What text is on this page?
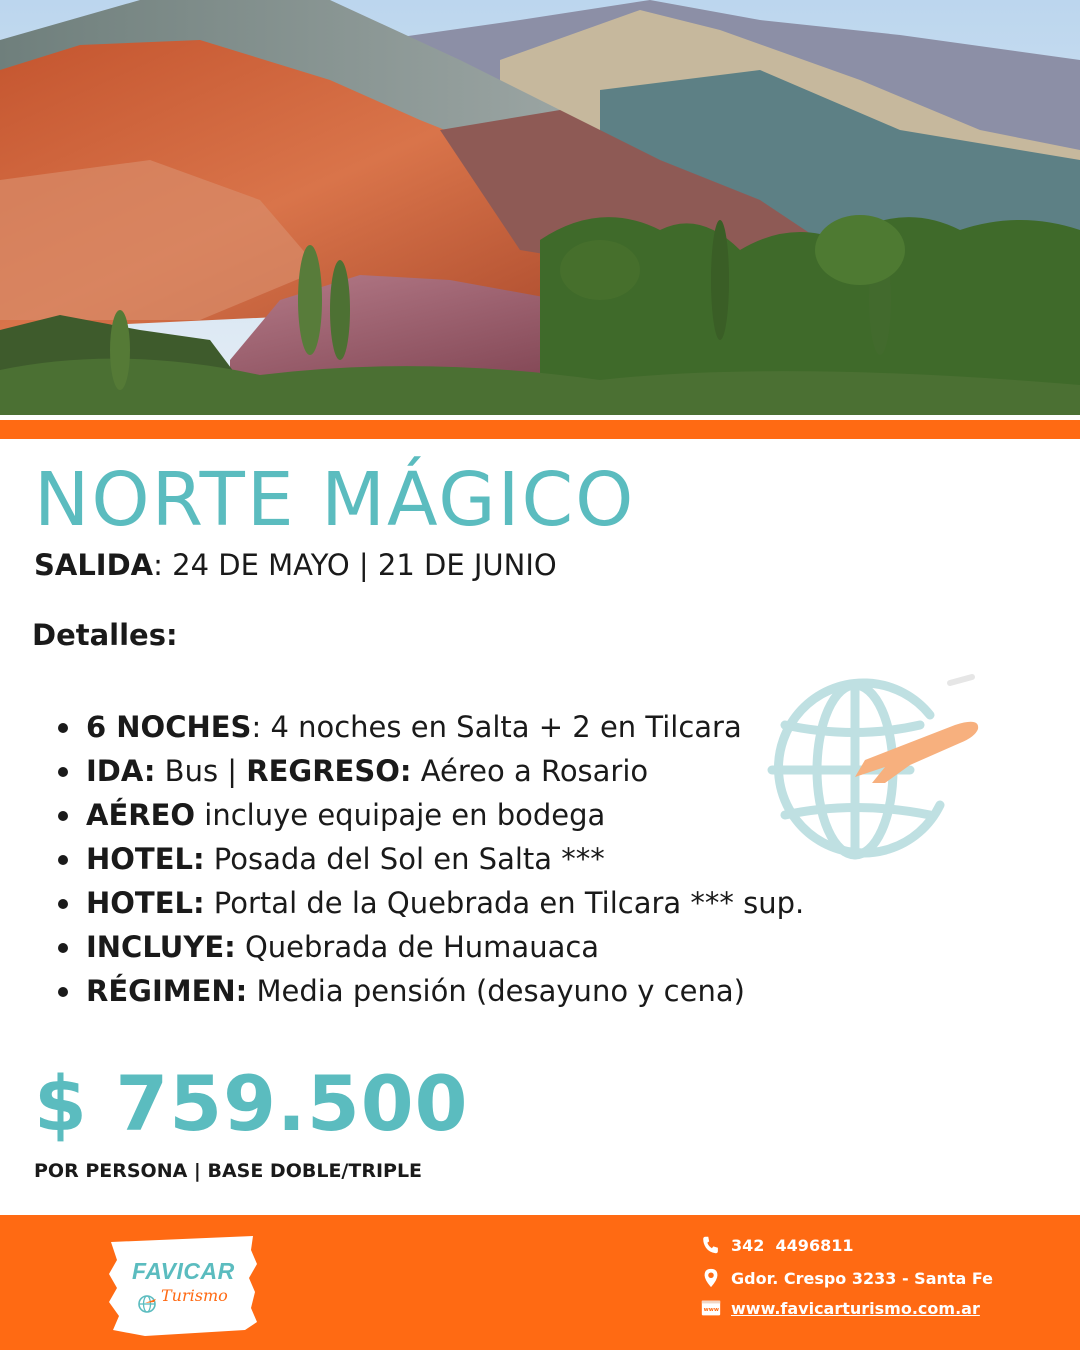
NORTE MÁGICO

SALIDA: 24 DE MAYO | 21 DE JUNIO

Detalles:
6 NOCHES: 4 noches en Salta + 2 en Tilcara
IDA: Bus | REGRESO: Aéreo a Rosario
AÉREO incluye equipaje en bodega
HOTEL: Posada del Sol en Salta ***
HOTEL: Portal de la Quebrada en Tilcara *** sup.
INCLUYE: Quebrada de Humauaca
RÉGIMEN: Media pensión (desayuno y cena)
$ 759.500
POR PERSONA | BASE DOBLE/TRIPLE
FAVICAR
Turismo
342  4496811
Gdor. Crespo 3233 - Santa Fe
www www.favicarturismo.com.ar
